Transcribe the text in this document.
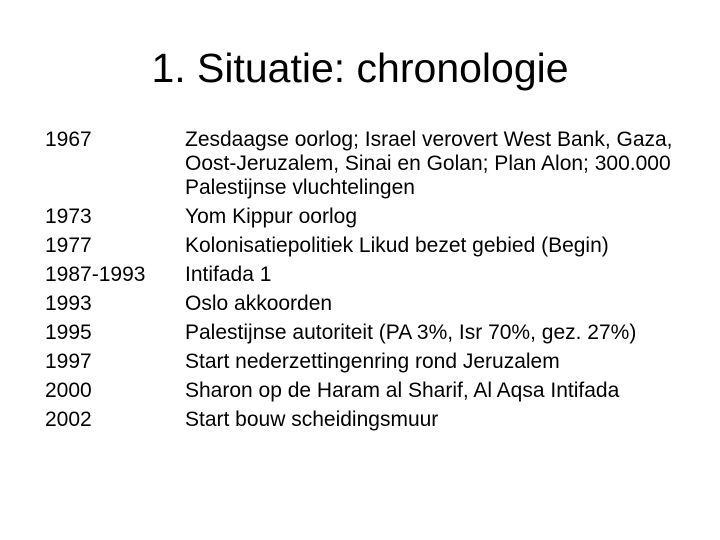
1. Situatie: chronologie
1967	Zesdaagse oorlog; Israel verovert West Bank, Gaza, Oost-Jeruzalem, Sinai en Golan; Plan Alon; 300.000 Palestijnse vluchtelingen
1973	Yom Kippur oorlog
1977	Kolonisatiepolitiek Likud bezet gebied (Begin)
1987-1993	Intifada 1
1993	Oslo akkoorden
1995	Palestijnse autoriteit (PA 3%, Isr 70%, gez. 27%)
1997	Start nederzettingenring rond Jeruzalem
2000	Sharon op de Haram al Sharif, Al Aqsa Intifada
2002	Start bouw scheidingsmuur
